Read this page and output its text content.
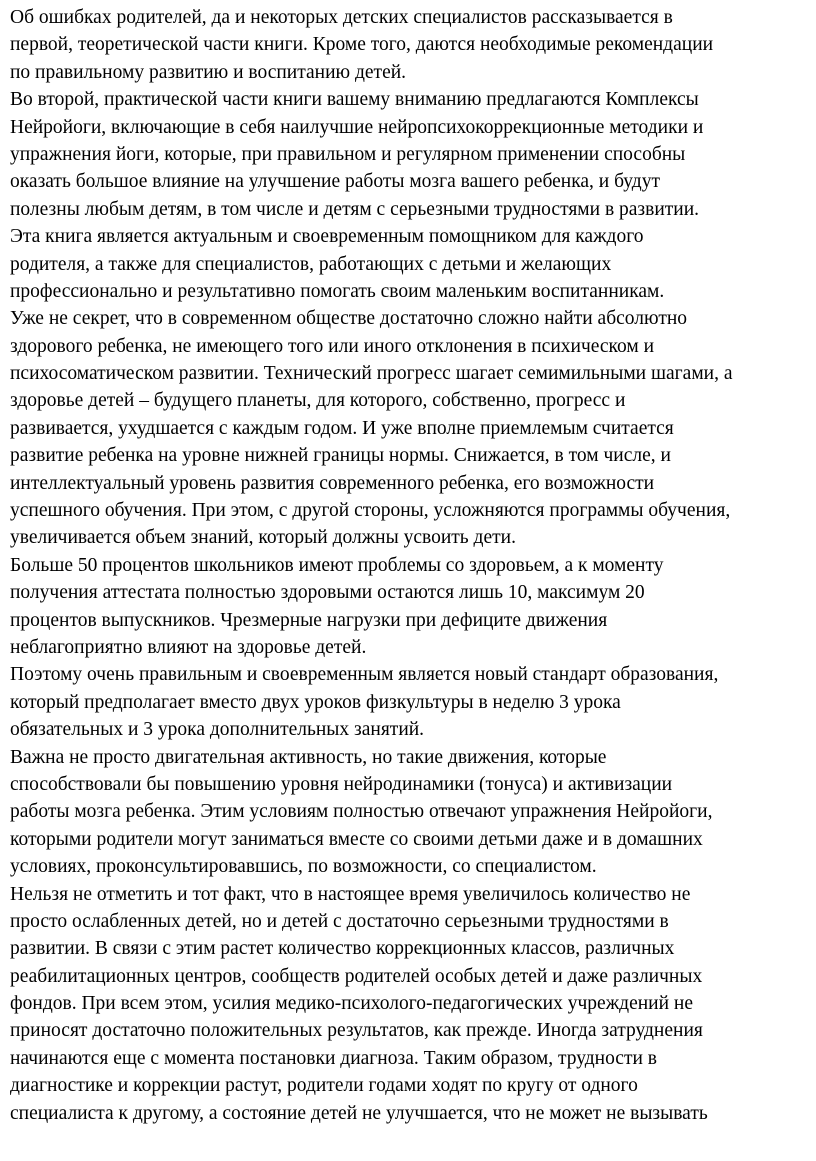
Об ошибках родителей, да и некоторых детских специалистов рассказывается в
первой, теоретической части книги. Кроме того, даются необходимые рекомендации
по правильному развитию и воспитанию детей.
Во второй, практической части книги вашему вниманию предлагаются Комплексы
Нейройоги, включающие в себя наилучшие нейропсихокоррекционные методики и
упражнения йоги, которые, при правильном и регулярном применении способны
оказать большое влияние на улучшение работы мозга вашего ребенка, и будут
полезны любым детям, в том числе и детям с серьезными трудностями в развитии.
Эта книга является актуальным и своевременным помощником для каждого
родителя, а также для специалистов, работающих с детьми и желающих
профессионально и результативно помогать своим маленьким воспитанникам.
Уже не секрет, что в современном обществе достаточно сложно найти абсолютно
здорового ребенка, не имеющего того или иного отклонения в психическом и
психосоматическом развитии. Технический прогресс шагает семимильными шагами, а
здоровье детей – будущего планеты, для которого, собственно, прогресс и
развивается, ухудшается с каждым годом. И уже вполне приемлемым считается
развитие ребенка на уровне нижней границы нормы. Снижается, в том числе, и
интеллектуальный уровень развития современного ребенка, его возможности
успешного обучения. При этом, с другой стороны, усложняются программы обучения,
увеличивается объем знаний, который должны усвоить дети.
Больше 50 процентов школьников имеют проблемы со здоровьем, а к моменту
получения аттестата полностью здоровыми остаются лишь 10, максимум 20
процентов выпускников. Чрезмерные нагрузки при дефиците движения
неблагоприятно влияют на здоровье детей.
Поэтому очень правильным и своевременным является новый стандарт образования,
который предполагает вместо двух уроков физкультуры в неделю 3 урока
обязательных и 3 урока дополнительных занятий.
Важна не просто двигательная активность, но такие движения, которые
способствовали бы повышению уровня нейродинамики (тонуса) и активизации
работы мозга ребенка. Этим условиям полностью отвечают упражнения Нейройоги,
которыми родители могут заниматься вместе со своими детьми даже и в домашних
условиях, проконсультировавшись, по возможности, со специалистом.
Нельзя не отметить и тот факт, что в настоящее время увеличилось количество не
просто ослабленных детей, но и детей с достаточно серьезными трудностями в
развитии. В связи с этим растет количество коррекционных классов, различных
реабилитационных центров, сообществ родителей особых детей и даже различных
фондов. При всем этом, усилия медико-психолого-педагогических учреждений не
приносят достаточно положительных результатов, как прежде. Иногда затруднения
начинаются еще с момента постановки диагноза. Таким образом, трудности в
диагностике и коррекции растут, родители годами ходят по кругу от одного
специалиста к другому, а состояние детей не улучшается, что не может не вызывать
